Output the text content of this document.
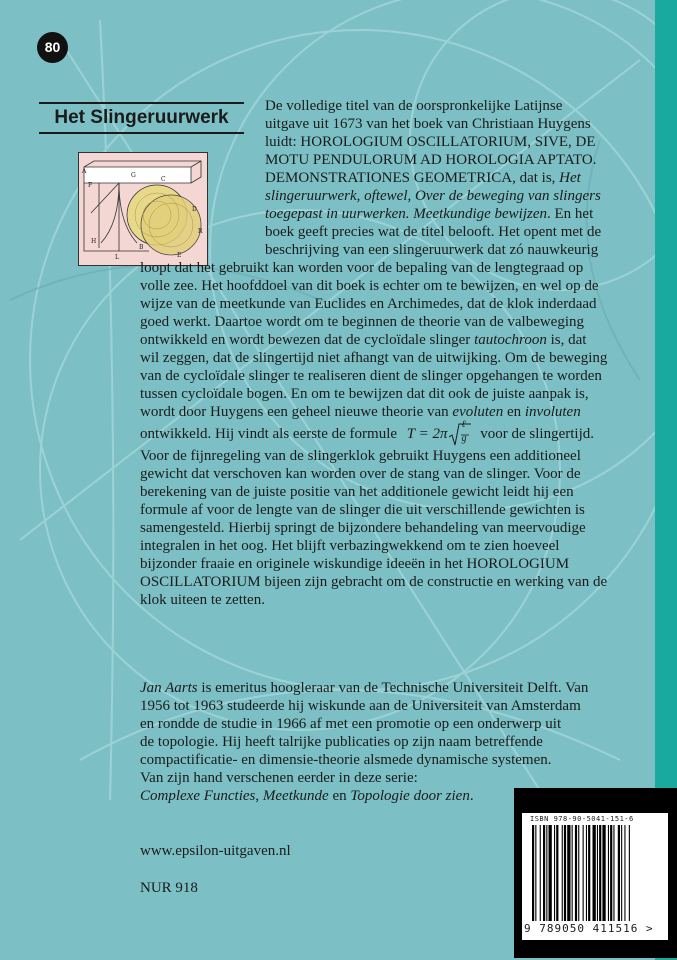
80
Het Slingeruurwerk
A
F
G
C
D
E
H
L
B
R
De volledige titel van de oorspronkelijke Latijnse
uitgave uit 1673 van het boek van Christiaan Huygens
luidt: HOROLOGIUM OSCILLATORIUM, SIVE, DE
MOTU PENDULORUM AD HOROLOGIA APTATO.
DEMONSTRATIONES GEOMETRICA, dat is, Het
slingeruurwerk, oftewel, Over de beweging van slingers
toegepast in uurwerken. Meetkundige bewijzen. En het
boek geeft precies wat de titel belooft. Het opent met de
beschrijving van een slingeruurwerk dat zó nauwkeurig
loopt dat het gebruikt kan worden voor de bepaling van de lengtegraad op
volle zee. Het hoofddoel van dit boek is echter om te bewijzen, en wel op de
wijze van de meetkunde van Euclides en Archimedes, dat de klok inderdaad
goed werkt. Daartoe wordt om te beginnen de theorie van de valbeweging
ontwikkeld en wordt bewezen dat de cycloïdale slinger tautochroon is, dat
wil zeggen, dat de slingertijd niet afhangt van de uitwijking. Om de beweging
van de cycloïdale slinger te realiseren dient de slinger opgehangen te worden
tussen cycloïdale bogen. En om te bewijzen dat dit ook de juiste aanpak is,
wordt door Huygens een geheel nieuwe theorie van evoluten en involuten
ontwikkeld. Hij vindt als eerste de formule T = 2π
ℓ
g voor de slingertijd.
Voor de fijnregeling van de slingerklok gebruikt Huygens een additioneel
gewicht dat verschoven kan worden over de stang van de slinger. Voor de
berekening van de juiste positie van het additionele gewicht leidt hij een
formule af voor de lengte van de slinger die uit verschillende gewichten is
samengesteld. Hierbij springt de bijzondere behandeling van meervoudige
integralen in het oog. Het blijft verbazingwekkend om te zien hoeveel
bijzonder fraaie en originele wiskundige ideeën in het HOROLOGIUM
OSCILLATORIUM bijeen zijn gebracht om de constructie en werking van de
klok uiteen te zetten.
Jan Aarts is emeritus hoogleraar van de Technische Universiteit Delft. Van
1956 tot 1963 studeerde hij wiskunde aan de Universiteit van Amsterdam
en rondde de studie in 1966 af met een promotie op een onderwerp uit
de topologie. Hij heeft talrijke publicaties op zijn naam betreffende
compactificatie- en dimensie-theorie alsmede dynamische systemen.
Van zijn hand verschenen eerder in deze serie:
Complexe Functies, Meetkunde en Topologie door zien.
www.epsilon-uitgaven.nl
NUR 918
ISBN 978-90-5041-151-6
9 789050 411516 >
